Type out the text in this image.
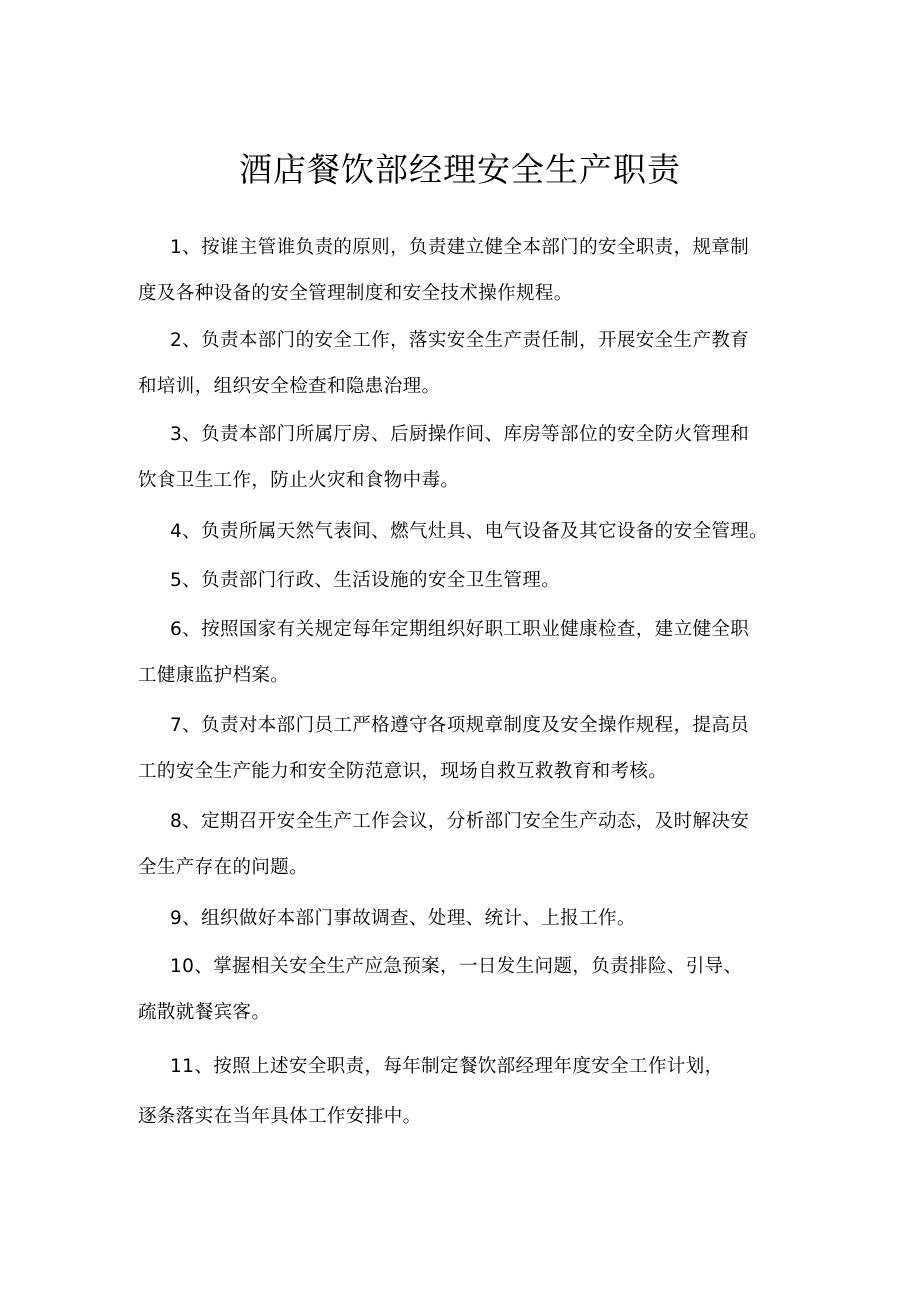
酒店餐饮部经理安全生产职责
1、按谁主管谁负责的原则，负责建立健全本部门的安全职责，规章制
度及各种设备的安全管理制度和安全技术操作规程。
2、负责本部门的安全工作，落实安全生产责任制，开展安全生产教育
和培训，组织安全检查和隐患治理。
3、负责本部门所属厅房、后厨操作间、库房等部位的安全防火管理和
饮食卫生工作，防止火灾和食物中毒。
4、负责所属天然气表间、燃气灶具、电气设备及其它设备的安全管理。
5、负责部门行政、生活设施的安全卫生管理。
6、按照国家有关规定每年定期组织好职工职业健康检查，建立健全职
工健康监护档案。
7、负责对本部门员工严格遵守各项规章制度及安全操作规程，提高员
工的安全生产能力和安全防范意识，现场自救互救教育和考核。
8、定期召开安全生产工作会议，分析部门安全生产动态，及时解决安
全生产存在的问题。
9、组织做好本部门事故调查、处理、统计、上报工作。
10、掌握相关安全生产应急预案，一日发生问题，负责排险、引导、
疏散就餐宾客。
11、按照上述安全职责，每年制定餐饮部经理年度安全工作计划，
逐条落实在当年具体工作安排中。
